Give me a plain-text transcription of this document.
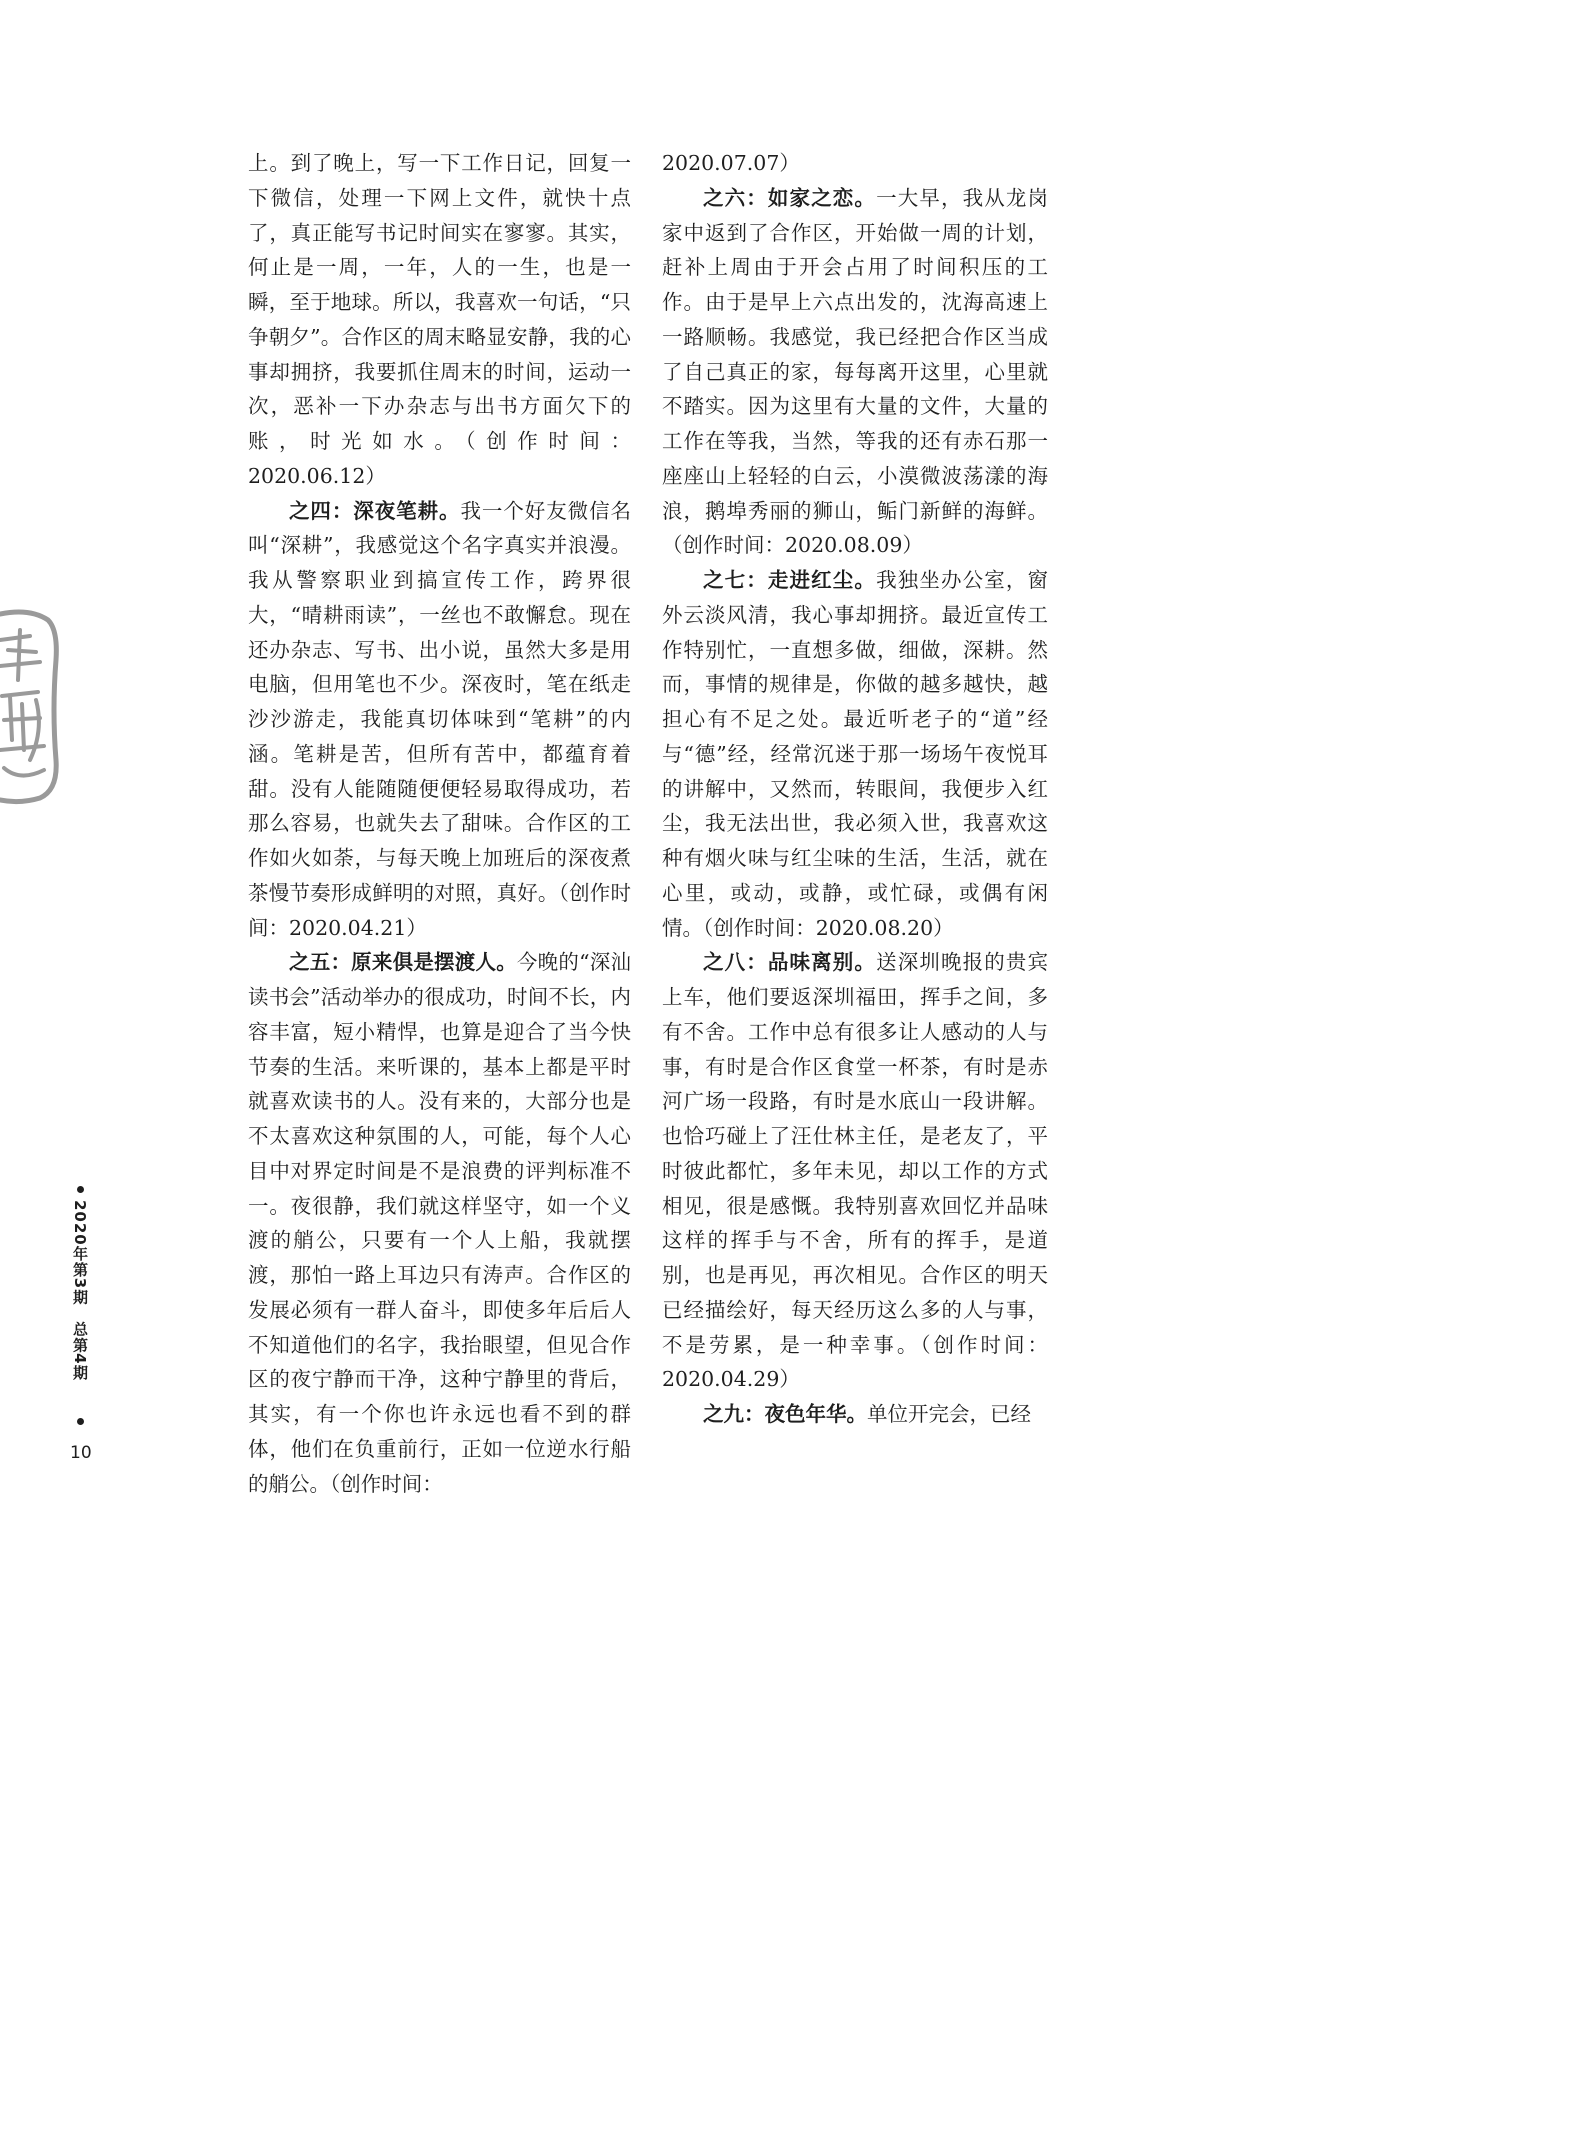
2020年第3期　总第4期
10

上。到了晚上，写一下工作日记，回复一下微信，处理一下网上文件，就快十点了，真正能写书记时间实在寥寥。其实，何止是一周，一年，人的一生，也是一瞬，至于地球。所以，我喜欢一句话，“只争朝夕”。合作区的周末略显安静，我的心事却拥挤，我要抓住周末的时间，运动一次，恶补一下办杂志与出书方面欠下的账，时光如水。（创作时间：2020.06.12）

之四：深夜笔耕。我一个好友微信名叫“深耕”，我感觉这个名字真实并浪漫。我从警察职业到搞宣传工作，跨界很大，“晴耕雨读”，一丝也不敢懈怠。现在还办杂志、写书、出小说，虽然大多是用电脑，但用笔也不少。深夜时，笔在纸走沙沙游走，我能真切体味到“笔耕”的内涵。笔耕是苦，但所有苦中，都蕴育着甜。没有人能随随便便轻易取得成功，若那么容易，也就失去了甜味。合作区的工作如火如荼，与每天晚上加班后的深夜煮茶慢节奏形成鲜明的对照，真好。（创作时间：2020.04.21）

之五：原来俱是摆渡人。今晚的“深汕读书会”活动举办的很成功，时间不长，内容丰富，短小精悍，也算是迎合了当今快节奏的生活。来听课的，基本上都是平时就喜欢读书的人。没有来的，大部分也是不太喜欢这种氛围的人，可能，每个人心目中对界定时间是不是浪费的评判标准不一。夜很静，我们就这样坚守，如一个义渡的艄公，只要有一个人上船，我就摆渡，那怕一路上耳边只有涛声。合作区的发展必须有一群人奋斗，即使多年后后人不知道他们的名字，我抬眼望，但见合作区的夜宁静而干净，这种宁静里的背后，其实，有一个你也许永远也看不到的群体，他们在负重前行，正如一位逆水行船的艄公。（创作时间：

2020.07.07）

之六：如家之恋。一大早，我从龙岗家中返到了合作区，开始做一周的计划，赶补上周由于开会占用了时间积压的工作。由于是早上六点出发的，沈海高速上一路顺畅。我感觉，我已经把合作区当成了自己真正的家，每每离开这里，心里就不踏实。因为这里有大量的文件，大量的工作在等我，当然，等我的还有赤石那一座座山上轻轻的白云，小漠微波荡漾的海浪，鹅埠秀丽的狮山，鲘门新鲜的海鲜。（创作时间：2020.08.09）

之七：走进红尘。我独坐办公室，窗外云淡风清，我心事却拥挤。最近宣传工作特别忙，一直想多做，细做，深耕。然而，事情的规律是，你做的越多越快，越担心有不足之处。最近听老子的“道”经与“德”经，经常沉迷于那一场场午夜悦耳的讲解中，又然而，转眼间，我便步入红尘，我无法出世，我必须入世，我喜欢这种有烟火味与红尘味的生活，生活，就在心里，或动，或静，或忙碌，或偶有闲情。（创作时间：2020.08.20）

之八：品味离别。送深圳晚报的贵宾上车，他们要返深圳福田，挥手之间，多有不舍。工作中总有很多让人感动的人与事，有时是合作区食堂一杯茶，有时是赤河广场一段路，有时是水底山一段讲解。也恰巧碰上了汪仕林主任，是老友了，平时彼此都忙，多年未见，却以工作的方式相见，很是感慨。我特别喜欢回忆并品味这样的挥手与不舍，所有的挥手，是道别，也是再见，再次相见。合作区的明天已经描绘好，每天经历这么多的人与事，不是劳累，是一种幸事。（创作时间：2020.04.29）

之九：夜色年华。单位开完会，已经
